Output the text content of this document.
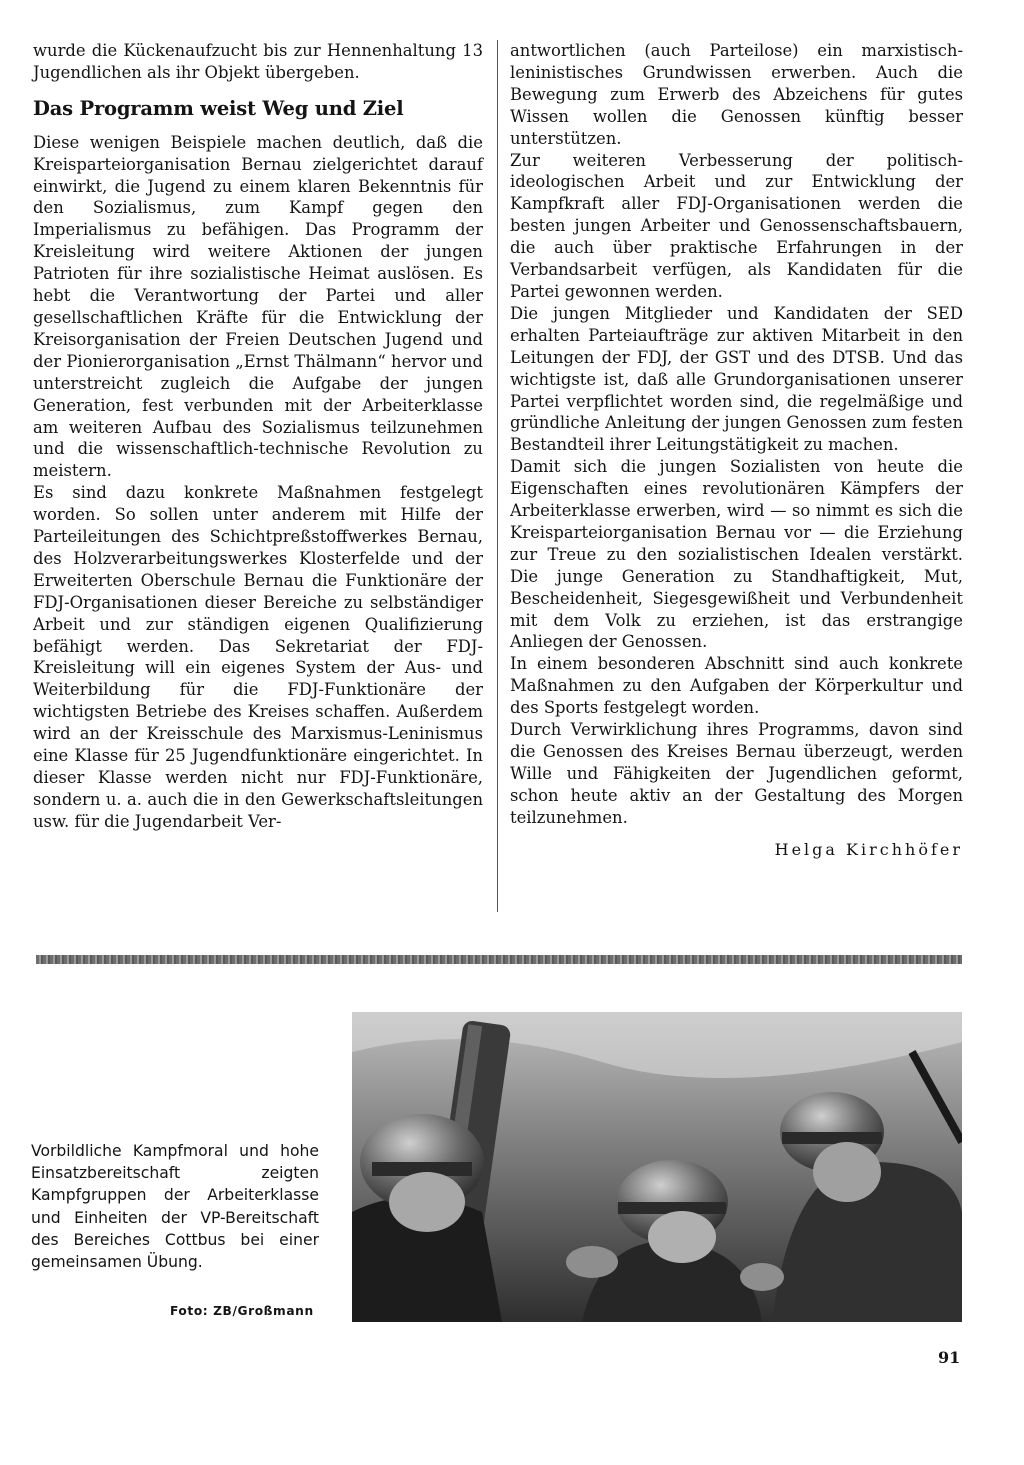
wurde die Kückenaufzucht bis zur Hennenhaltung 13 Jugendlichen als ihr Objekt übergeben.

Das Programm weist Weg und Ziel

Diese wenigen Beispiele machen deutlich, daß die Kreisparteiorganisation Bernau zielgerichtet darauf einwirkt, die Jugend zu einem klaren Bekenntnis für den Sozialismus, zum Kampf gegen den Imperialismus zu befähigen. Das Programm der Kreisleitung wird weitere Aktionen der jungen Patrioten für ihre sozialistische Heimat auslösen. Es hebt die Verantwortung der Partei und aller gesellschaftlichen Kräfte für die Entwicklung der Kreisorganisation der Freien Deutschen Jugend und der Pionierorganisation „Ernst Thälmann“ hervor und unterstreicht zugleich die Aufgabe der jungen Generation, fest verbunden mit der Arbeiterklasse am weiteren Aufbau des Sozialismus teilzunehmen und die wissenschaftlich-technische Revolution zu meistern.

Es sind dazu konkrete Maßnahmen festgelegt worden. So sollen unter anderem mit Hilfe der Parteileitungen des Schichtpreßstoffwerkes Bernau, des Holzverarbeitungswerkes Klosterfelde und der Erweiterten Oberschule Bernau die Funktionäre der FDJ-Organisationen dieser Bereiche zu selbständiger Arbeit und zur ständigen eigenen Qualifizierung befähigt werden. Das Sekretariat der FDJ-Kreisleitung will ein eigenes System der Aus- und Weiterbildung für die FDJ-Funktionäre der wichtigsten Betriebe des Kreises schaffen. Außerdem wird an der Kreisschule des Marxismus-Leninismus eine Klasse für 25 Jugendfunktionäre eingerichtet. In dieser Klasse werden nicht nur FDJ-Funktionäre, sondern u. a. auch die in den Gewerkschaftsleitungen usw. für die Jugendarbeit Ver-

antwortlichen (auch Parteilose) ein marxistisch-leninistisches Grundwissen erwerben. Auch die Bewegung zum Erwerb des Abzeichens für gutes Wissen wollen die Genossen künftig besser unterstützen.

Zur weiteren Verbesserung der politisch-ideologischen Arbeit und zur Entwicklung der Kampfkraft aller FDJ-Organisationen werden die besten jungen Arbeiter und Genossenschaftsbauern, die auch über praktische Erfahrungen in der Verbandsarbeit verfügen, als Kandidaten für die Partei gewonnen werden.

Die jungen Mitglieder und Kandidaten der SED erhalten Parteiaufträge zur aktiven Mitarbeit in den Leitungen der FDJ, der GST und des DTSB. Und das wichtigste ist, daß alle Grundorganisationen unserer Partei verpflichtet worden sind, die regelmäßige und gründliche Anleitung der jungen Genossen zum festen Bestandteil ihrer Leitungstätigkeit zu machen.

Damit sich die jungen Sozialisten von heute die Eigenschaften eines revolutionären Kämpfers der Arbeiterklasse erwerben, wird — so nimmt es sich die Kreisparteiorganisation Bernau vor — die Erziehung zur Treue zu den sozialistischen Idealen verstärkt. Die junge Generation zu Standhaftigkeit, Mut, Bescheidenheit, Siegesgewißheit und Verbundenheit mit dem Volk zu erziehen, ist das erstrangige Anliegen der Genossen.

In einem besonderen Abschnitt sind auch konkrete Maßnahmen zu den Aufgaben der Körperkultur und des Sports festgelegt worden.

Durch Verwirklichung ihres Programms, davon sind die Genossen des Kreises Bernau überzeugt, werden Wille und Fähigkeiten der Jugendlichen geformt, schon heute aktiv an der Gestaltung des Morgen teilzunehmen.

Helga Kirchhöfer

Vorbildliche Kampfmoral und hohe Einsatzbereitschaft zeigten Kampfgruppen der Arbeiterklasse und Einheiten der VP-Bereitschaft des Bereiches Cottbus bei einer gemeinsamen Übung.

Foto: ZB/Großmann
91
